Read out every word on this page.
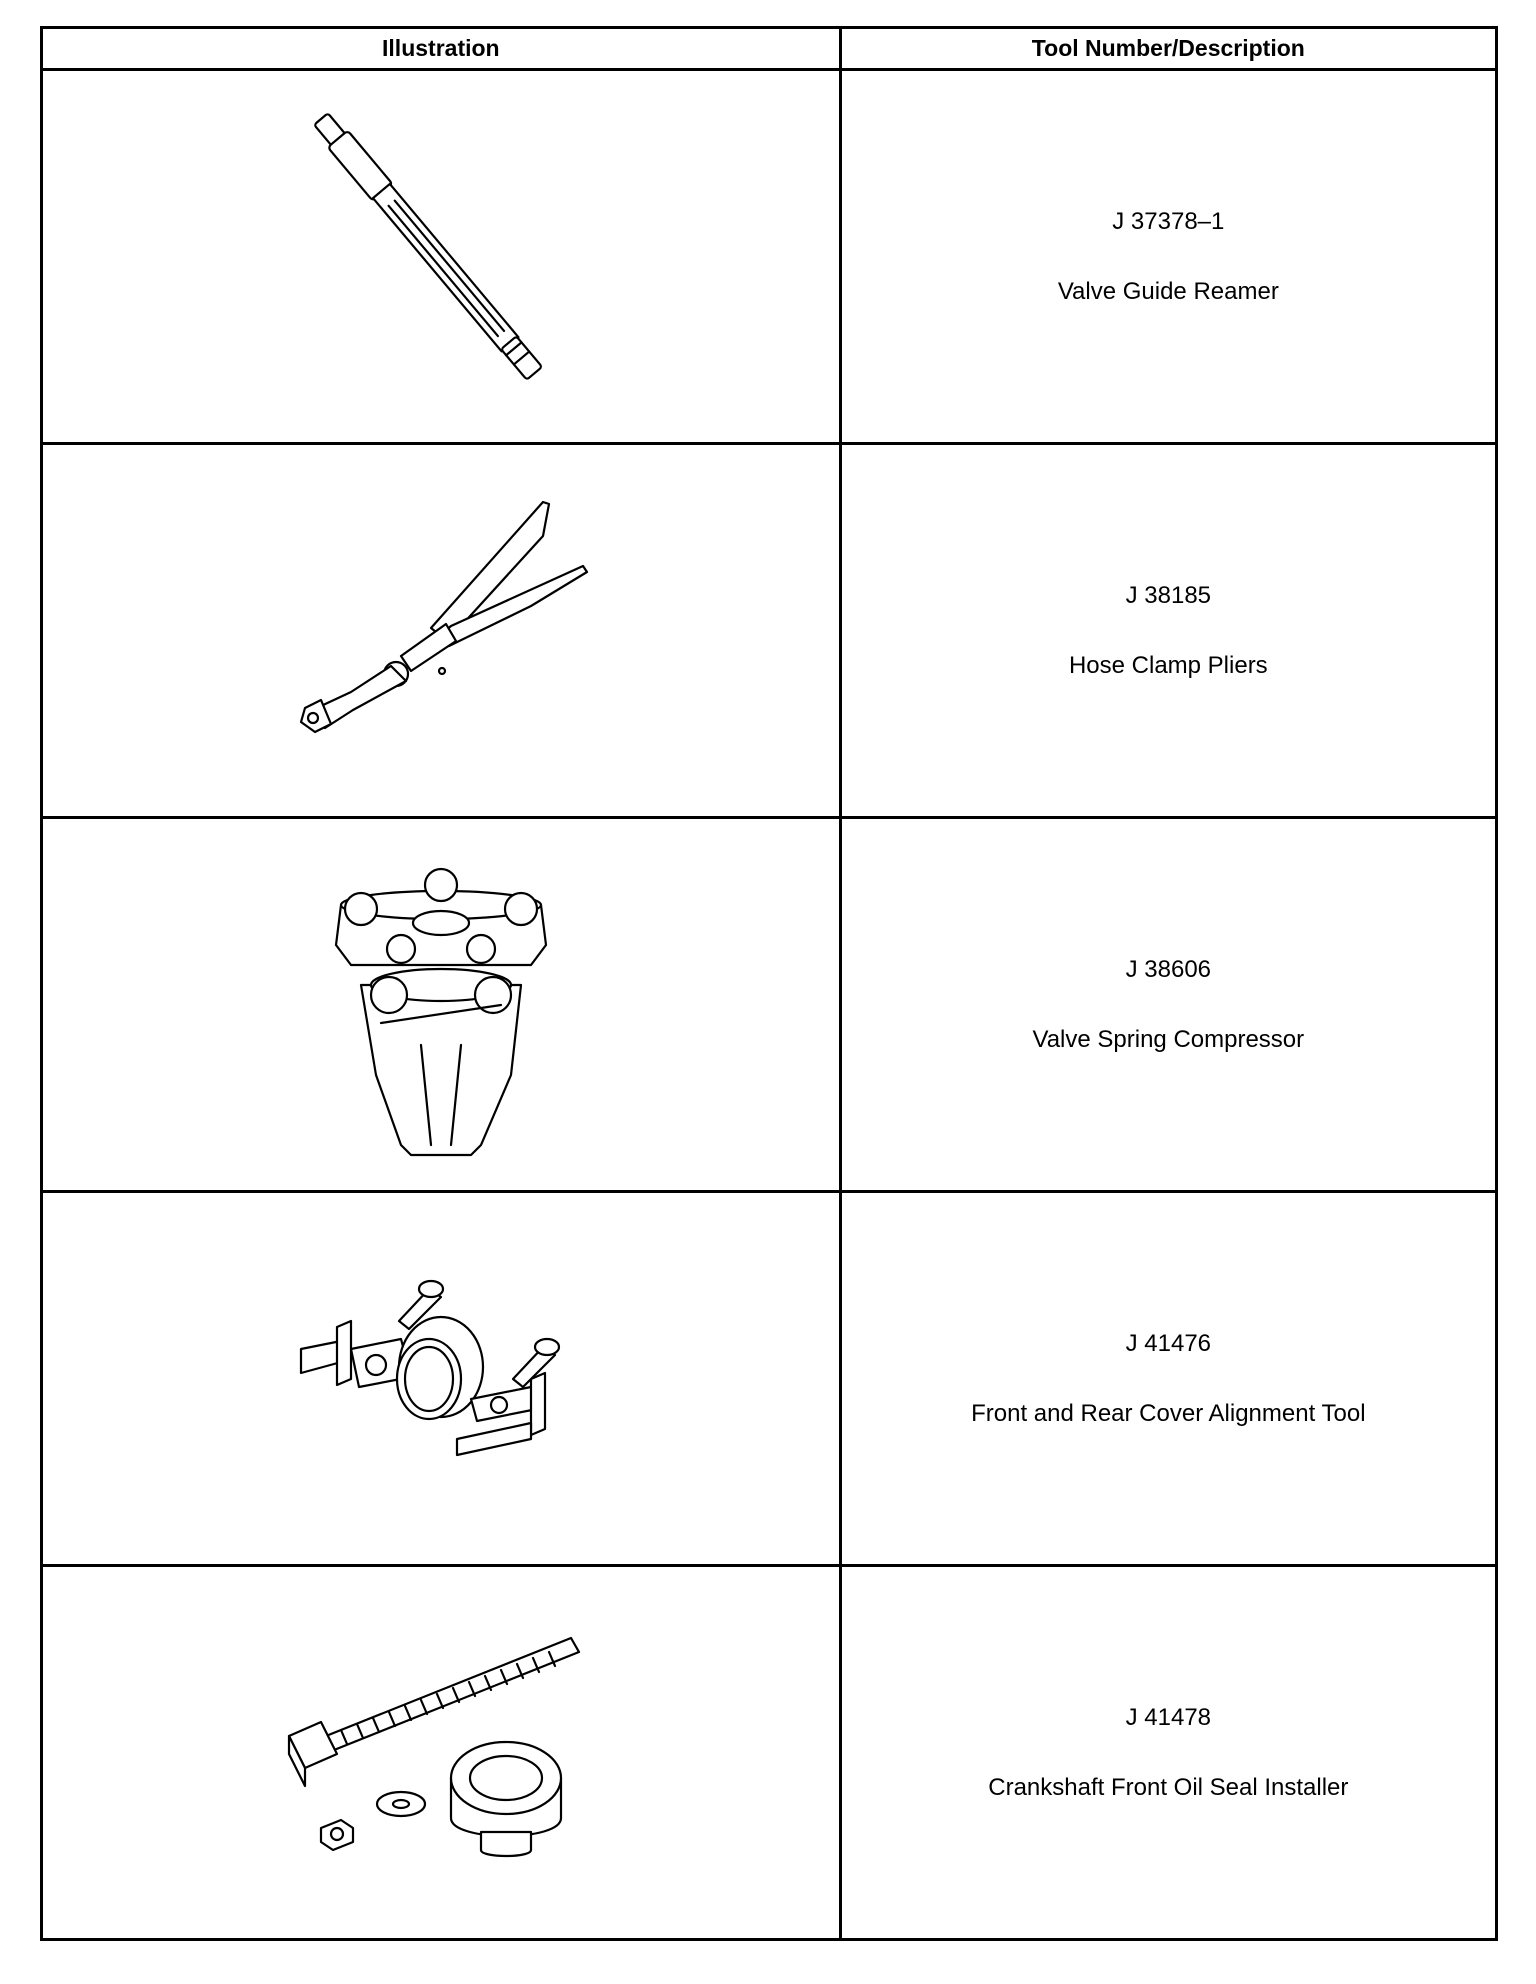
Illustration	Tool Number/Description

J 37378–1
Valve Guide Reamer

J 38185
Hose Clamp Pliers

J 38606
Valve Spring Compressor

J 41476
Front and Rear Cover Alignment Tool

J 41478
Crankshaft Front Oil Seal Installer
